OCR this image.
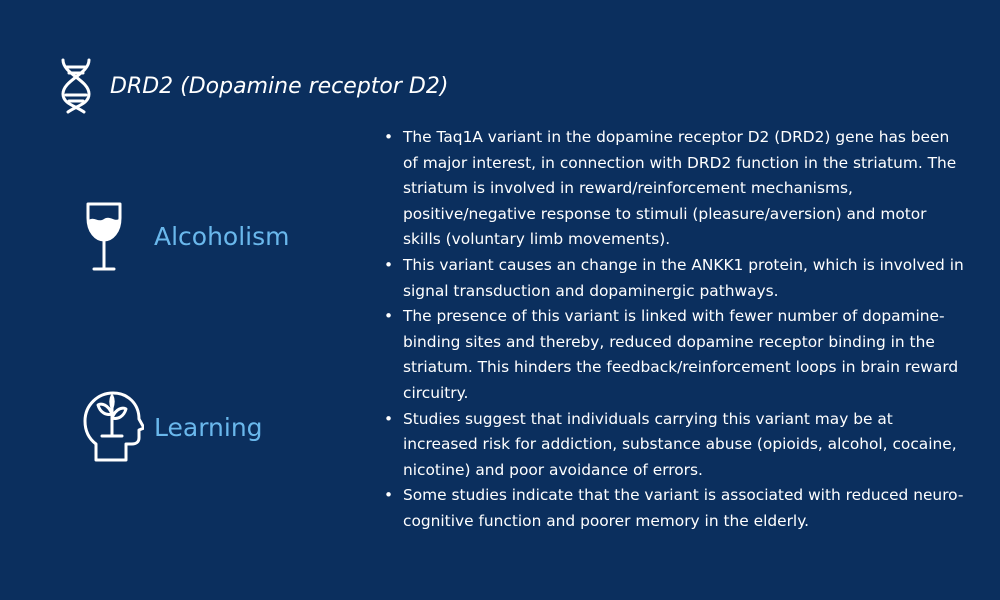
DRD2 (Dopamine receptor D2)
Alcoholism
Learning
• The Taq1A variant in the dopamine receptor D2 (DRD2) gene has been of major interest, in connection with DRD2 function in the striatum. The striatum is involved in reward/reinforcement mechanisms, positive/negative response to stimuli (pleasure/aversion) and motor skills (voluntary limb movements).
• This variant causes an change in the ANKK1 protein, which is involved in signal transduction and dopaminergic pathways.
• The presence of this variant is linked with fewer number of dopamine-binding sites and thereby, reduced dopamine receptor binding in the striatum. This hinders the feedback/reinforcement loops in brain reward circuitry.
• Studies suggest that individuals carrying this variant may be at increased risk for addiction, substance abuse (opioids, alcohol, cocaine, nicotine) and poor avoidance of errors.
• Some studies indicate that the variant is associated with reduced neuro-cognitive function and poorer memory in the elderly.
